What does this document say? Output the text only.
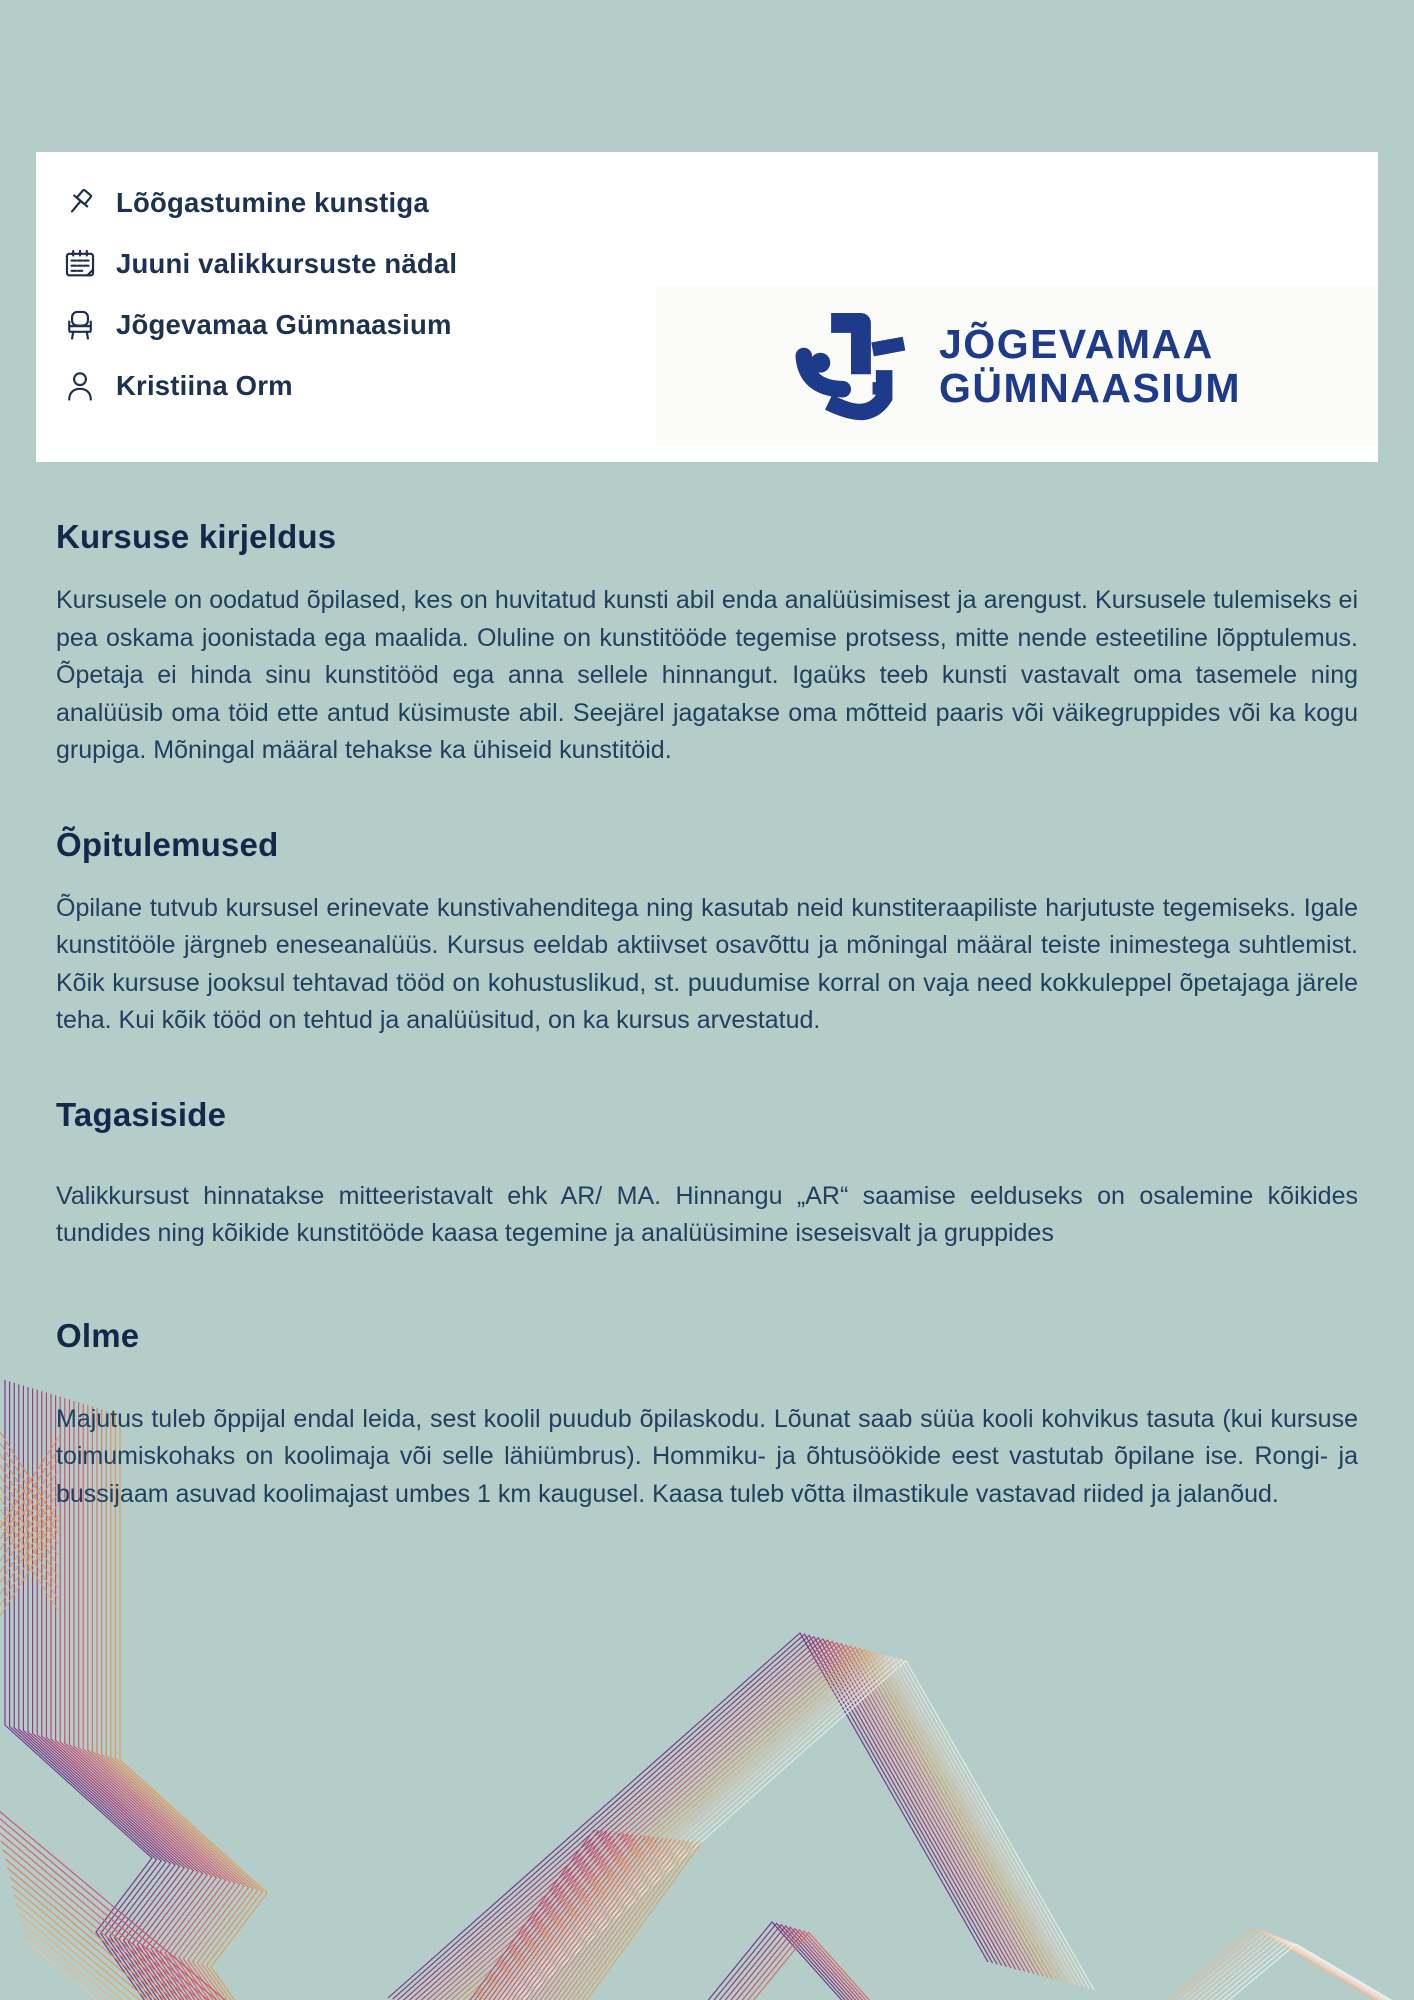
Lõõgastumine kunstiga
Juuni valikkursuste nädal
Jõgevamaa Gümnaasium
Kristiina Orm
JÕGEVAMAA
GÜMNAASIUM
Kursuse kirjeldus

Kursusele on oodatud õpilased, kes on huvitatud kunsti abil enda analüüsimisest ja arengust. Kursusele tulemiseks ei pea oskama joonistada ega maalida. Oluline on kunstitööde tegemise protsess, mitte nende esteetiline lõpptulemus. Õpetaja ei hinda sinu kunstitööd ega anna sellele hinnangut. Igaüks teeb kunsti vastavalt oma tasemele ning analüüsib oma töid ette antud küsimuste abil. Seejärel jagatakse oma mõtteid paaris või väikegruppides või ka kogu grupiga. Mõningal määral tehakse ka ühiseid kunstitöid.

Õpitulemused

Õpilane tutvub kursusel erinevate kunstivahenditega ning kasutab neid kunstiteraapiliste harjutuste tegemiseks. Igale kunstitööle järgneb eneseanalüüs. Kursus eeldab aktiivset osavõttu ja mõningal määral teiste inimestega suhtlemist. Kõik kursuse jooksul tehtavad tööd on kohustuslikud, st. puudumise korral on vaja need kokkuleppel õpetajaga järele teha. Kui kõik tööd on tehtud ja analüüsitud, on ka kursus arvestatud.

Tagasiside

Valikkursust hinnatakse mitteeristavalt ehk AR/ MA. Hinnangu „AR“ saamise eelduseks on osalemine kõikides tundides ning kõikide kunstitööde kaasa tegemine ja analüüsimine iseseisvalt ja gruppides

Olme

Majutus tuleb õppijal endal leida, sest koolil puudub õpilaskodu. Lõunat saab süüa kooli kohvikus tasuta (kui kursuse toimumiskohaks on koolimaja või selle lähiümbrus). Hommiku- ja õhtusöökide eest vastutab õpilane ise. Rongi- ja bussijaam asuvad koolimajast umbes 1 km kaugusel. Kaasa tuleb võtta ilmastikule vastavad riided ja jalanõud.
